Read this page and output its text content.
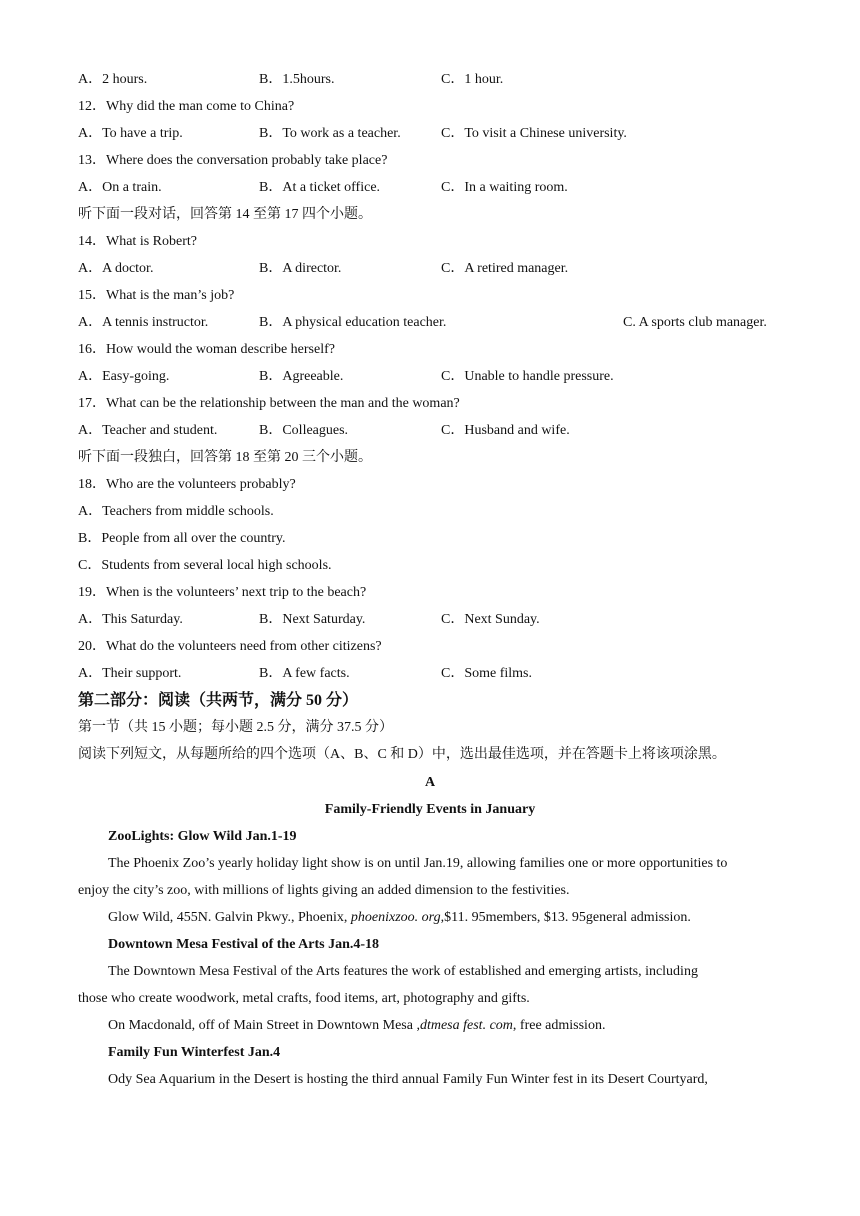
A．2 hours.	B．1.5hours.	C．1 hour.
12．Why did the man come to China?
A．To have a trip.	B．To work as a teacher.	C．To visit a Chinese university.
13．Where does the conversation probably take place?
A．On a train.	B．At a ticket office.	C．In a waiting room.
听下面一段对话，回答第 14 至第 17 四个小题。
14．What is Robert?
A．A doctor.	B．A director.	C．A retired manager.
15．What is the man’s job?
A．A tennis instructor.	B．A physical education teacher.	C. A sports club manager.
16．How would the woman describe herself?
A．Easy-going.	B．Agreeable.	C．Unable to handle pressure.
17．What can be the relationship between the man and the woman?
A．Teacher and student.	B．Colleagues.	C．Husband and wife.
听下面一段独白，回答第 18 至第 20 三个小题。
18．Who are the volunteers probably?
A．Teachers from middle schools.
B．People from all over the country.
C．Students from several local high schools.
19．When is the volunteers’ next trip to the beach?
A．This Saturday.	B．Next Saturday.	C．Next Sunday.
20．What do the volunteers need from other citizens?
A．Their support.	B．A few facts.	C．Some films.
第二部分：阅读（共两节，满分 50 分）
第一节（共 15 小题；每小题 2.5 分，满分 37.5 分）
阅读下列短文，从每题所给的四个选项（A、B、C 和 D）中，选出最佳选项，并在答题卡上将该项涂黑。
A
Family-Friendly Events in January
ZooLights: Glow Wild Jan.1-19
The Phoenix Zoo’s yearly holiday light show is on until Jan.19, allowing families one or more opportunities to
enjoy the city’s zoo, with millions of lights giving an added dimension to the festivities.
Glow Wild, 455N. Galvin Pkwy., Phoenix, phoenixzoo. org,$11. 95members, $13. 95general admission.
Downtown Mesa Festival of the Arts Jan.4-18
The Downtown Mesa Festival of the Arts features the work of established and emerging artists, including
those who create woodwork, metal crafts, food items, art, photography and gifts.
On Macdonald, off of Main Street in Downtown Mesa ,dtmesa fest. com, free admission.
Family Fun Winterfest Jan.4
Ody Sea Aquarium in the Desert is hosting the third annual Family Fun Winter fest in its Desert Courtyard,
